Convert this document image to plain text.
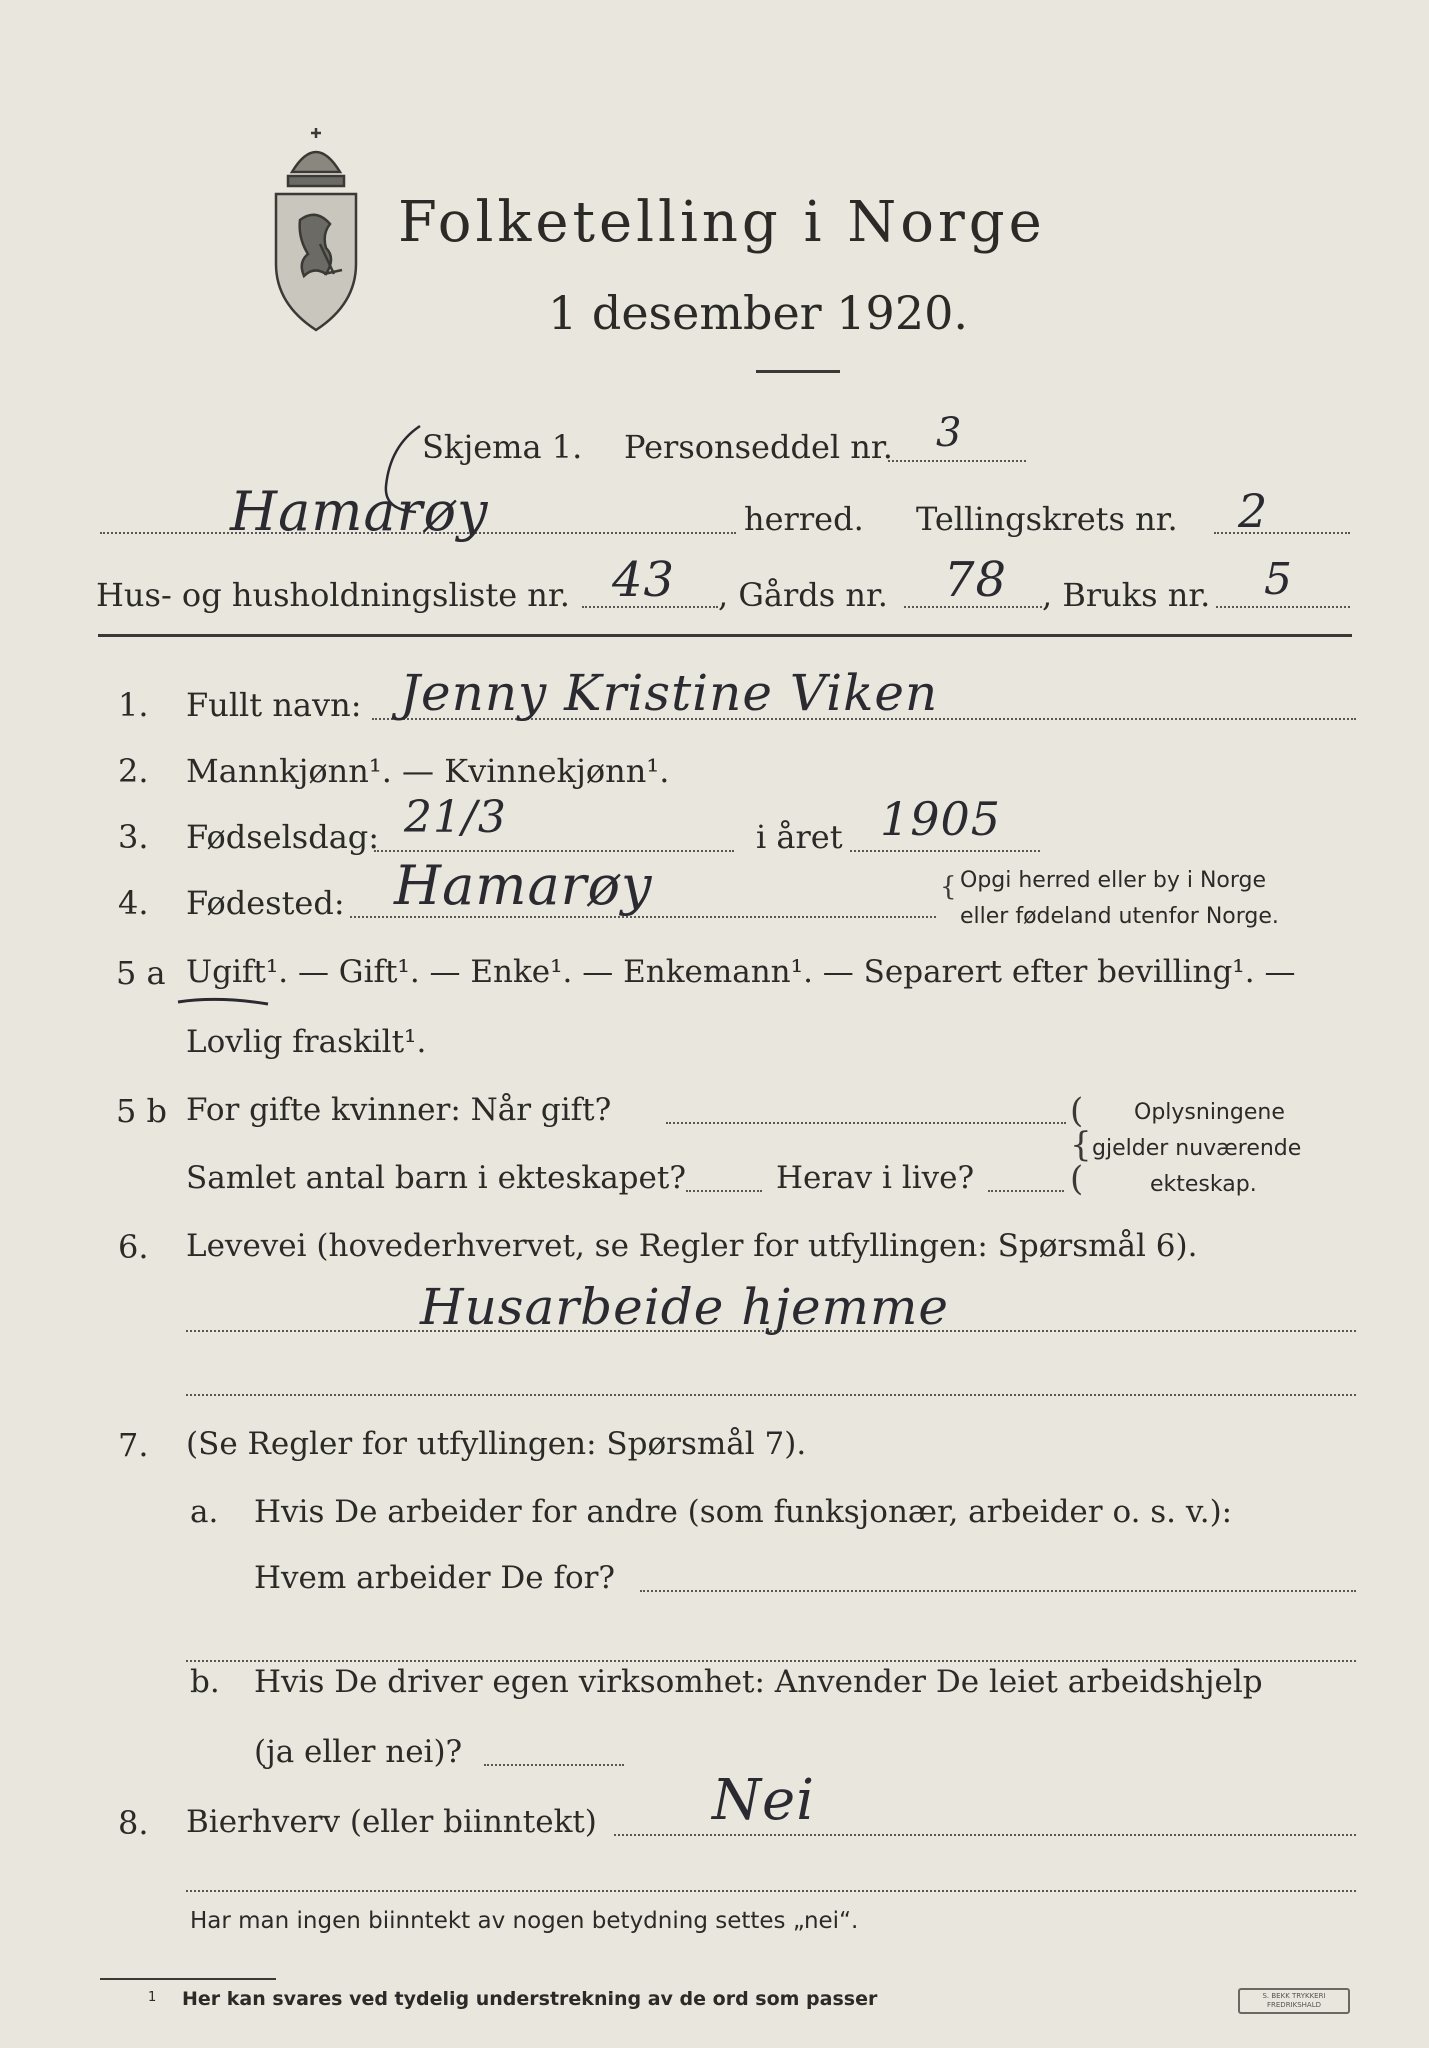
Folketelling i Norge
1 desember 1920.
Skjema 1. Personseddel nr. 3
Hamarøy	herred. Tellingskrets nr. 2
Hus- og husholdningsliste nr. 43 , Gårds nr. 78 , Bruks nr. 5
1. Fullt navn: Jenny Kristine Viken
2. Mannkjønn¹. — Kvinnekjønn¹.
3. Fødselsdag: 21/3	i året 1905
4. Fødested: Hamarøy	{ Opgi herred eller by i Norge
eller fødeland utenfor Norge.
5 a Ugift¹. — Gift¹. — Enke¹. — Enkemann¹. — Separert efter bevilling¹. —
Lovlig fraskilt¹.
5 b For gifte kvinner: Når gift?
Samlet antal barn i ekteskapet?	Herav i live?
(
{
(
Oplysningene
gjelder nuværende
ekteskap.
6. Levevei (hovederhvervet, se Regler for utfyllingen: Spørsmål 6).
Husarbeide hjemme
7. (Se Regler for utfyllingen: Spørsmål 7).
a. Hvis De arbeider for andre (som funksjonær, arbeider o. s. v.):
Hvem arbeider De for?
b. Hvis De driver egen virksomhet: Anvender De leiet arbeidshjelp
(ja eller nei)?
8. Bierhverv (eller biinntekt) Nei
Har man ingen biinntekt av nogen betydning settes „nei“.
1 Her kan svares ved tydelig understrekning av de ord som passer	S. BEKK TRYKKERI
FREDRIKSHALD
